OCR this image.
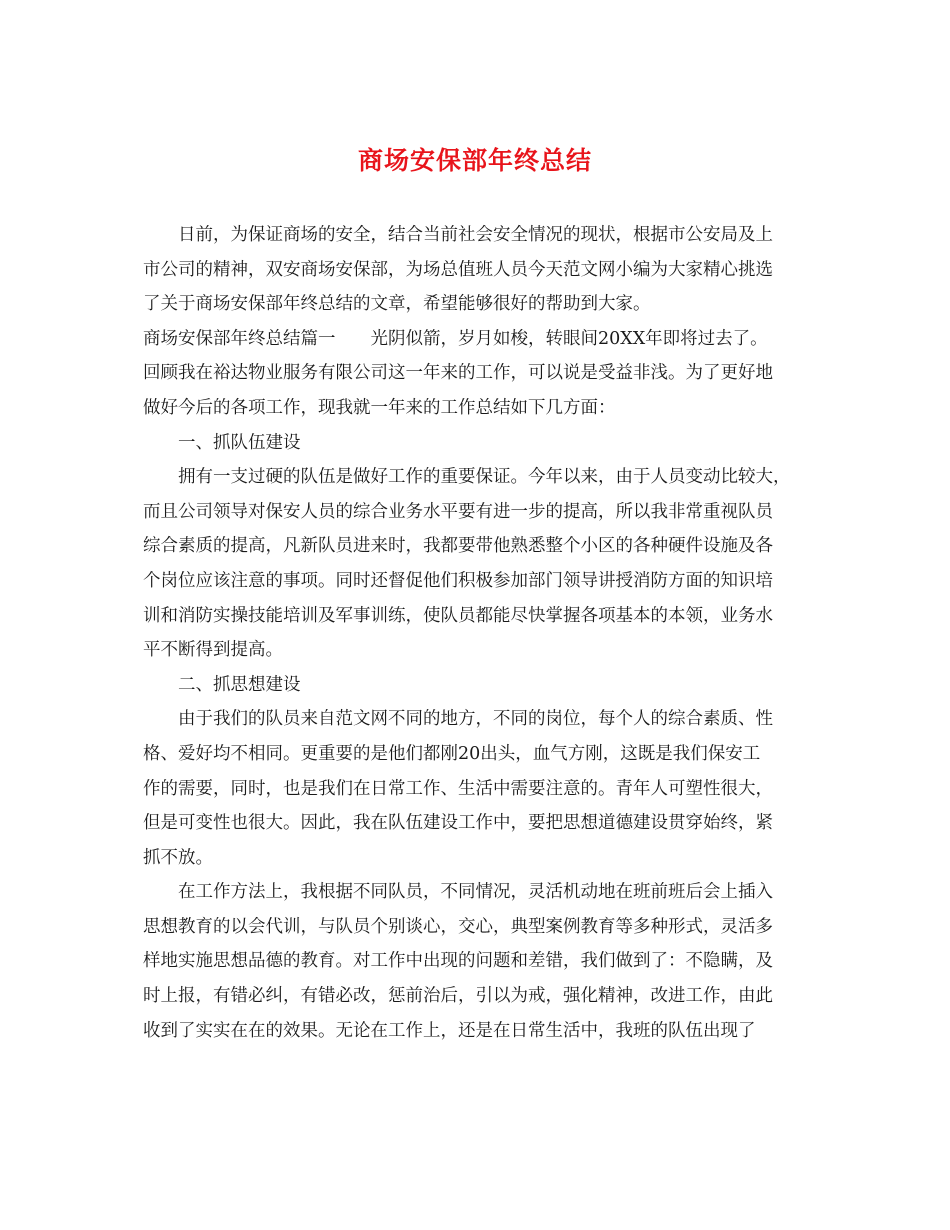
商场安保部年终总结
日前，为保证商场的安全，结合当前社会安全情况的现状，根据市公安局及上
市公司的精神，双安商场安保部，为场总值班人员今天范文网小编为大家精心挑选
了关于商场安保部年终总结的文章，希望能够很好的帮助到大家。
商场安保部年终总结篇一　　光阴似箭，岁月如梭，转眼间20XX年即将过去了。
回顾我在裕达物业服务有限公司这一年来的工作，可以说是受益非浅。为了更好地
做好今后的各项工作，现我就一年来的工作总结如下几方面：
一、抓队伍建设
拥有一支过硬的队伍是做好工作的重要保证。今年以来，由于人员变动比较大，
而且公司领导对保安人员的综合业务水平要有进一步的提高，所以我非常重视队员
综合素质的提高，凡新队员进来时，我都要带他熟悉整个小区的各种硬件设施及各
个岗位应该注意的事项。同时还督促他们积极参加部门领导讲授消防方面的知识培
训和消防实操技能培训及军事训练，使队员都能尽快掌握各项基本的本领，业务水
平不断得到提高。
二、抓思想建设
由于我们的队员来自范文网不同的地方，不同的岗位，每个人的综合素质、性
格、爱好均不相同。更重要的是他们都刚20出头，血气方刚，这既是我们保安工
作的需要，同时，也是我们在日常工作、生活中需要注意的。青年人可塑性很大，
但是可变性也很大。因此，我在队伍建设工作中，要把思想道德建设贯穿始终，紧
抓不放。
在工作方法上，我根据不同队员，不同情况，灵活机动地在班前班后会上插入
思想教育的以会代训，与队员个别谈心，交心，典型案例教育等多种形式，灵活多
样地实施思想品德的教育。对工作中出现的问题和差错，我们做到了：不隐瞒，及
时上报，有错必纠，有错必改，惩前治后，引以为戒，强化精神，改进工作，由此
收到了实实在在的效果。无论在工作上，还是在日常生活中，我班的队伍出现了
